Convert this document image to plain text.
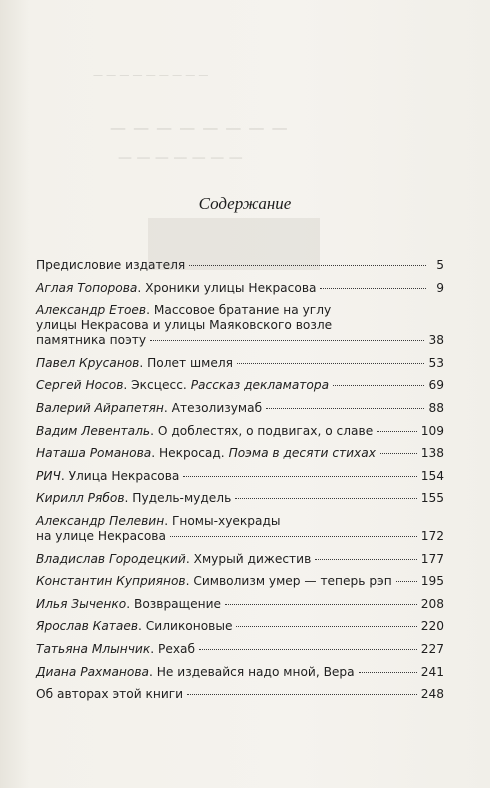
— — — — — — — — —
— — — — — — — —
— — — — — — —
Содержание
Предисловие издателя	5
Аглая Топорова. Хроники улицы Некрасова	9
Александр Етоев. Массовое братание на углу
улицы Некрасова и улицы Маяковского возле
памятника поэту	38
Павел Крусанов. Полет шмеля	53
Сергей Носов. Эксцесс. Рассказ декламатора	69
Валерий Айрапетян. Атезолизумаб	88
Вадим Левенталь. О доблестях, о подвигах, о славе	109
Наташа Романова. Некросад. Поэма в десяти стихах	138
РИЧ. Улица Некрасова	154
Кирилл Рябов. Пудель-мудель	155
Александр Пелевин. Гномы-хуекрады
на улице Некрасова	172
Владислав Городецкий. Хмурый дижестив	177
Константин Куприянов. Символизм умер — теперь рэп 195
Илья Зыченко. Возвращение	208
Ярослав Катаев. Силиконовые	220
Татьяна Млынчик. Рехаб	227
Диана Рахманова. Не издевайся надо мной, Вера	241
Об авторах этой книги	248
